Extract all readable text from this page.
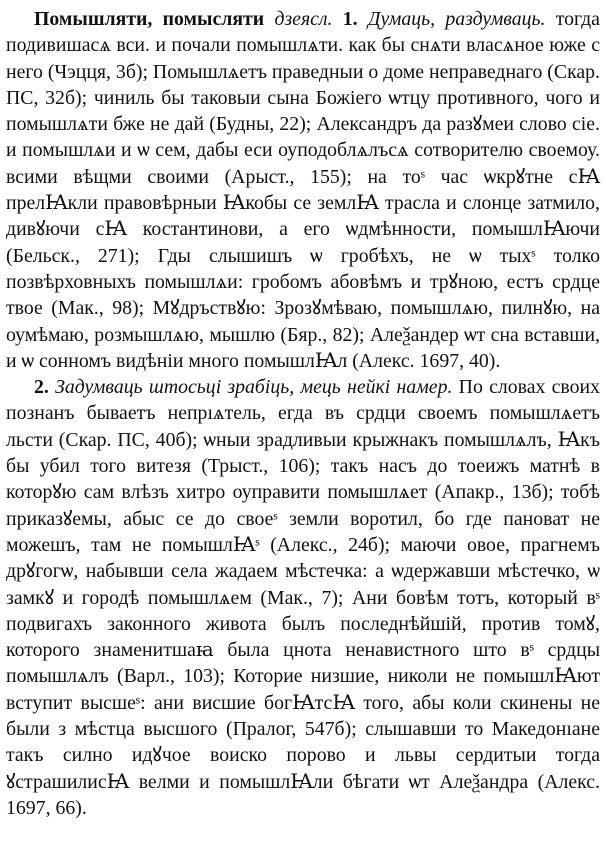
Помышляти, помысляти дзеясл. 1. Думаць, раздумваць. тогда подивишасѧ вси. и почали помышлѧти. как бы снѧти власѧное юже с него (Чэцця, 3б); Помышлѧетъ праведныи о доме неправеднаго (Скар. ПС, 32б); чиниль бы таковыи сына Божіего ѡтцу противного, чого и помышлѧти бже не дай (Будны, 22); Александръ да разꙋмеи слово сіе. и помышлѧи и ѡ сем, дабы еси оуподоблѧлъсѧ сотворителю своемоу. всими вѣщми своими (Арыст., 155); на тоˢ час ѡкрꙋтне сꙖ прелꙖкли правовѣрныи Ꙗкобы се землꙖ трасла и слонце затмило, дивꙋючи сꙖ костантинови, а его ѡдмѣнности, помышлꙖючи (Бельск., 271); Гды слышишъ ѡ гробѣхъ, не ѡ тыхˢ толко позвѣрховныхъ помышлѧи: гробомъ абовѣмъ и трꙋною, естъ срдце твое (Мак., 98); Мꙋдръствꙋю: Зрозꙋмѣваю, помышлѧю, пилнꙋю, на оумѣмаю, розмышлѧю, мышлю (Бяр., 82); Алеѯандер ѡт сна вставши, и ѡ сонномъ видѣніи много помышлꙖл (Алекс. 1697, 40).

2. Задумваць штосьці зрабіць, мець нейкі намер. По словах своих познанъ бываетъ непрıѧтель, егда въ срдци своемъ помышлѧетъ льсти (Скар. ПС, 40б); ѡныи зрадливыи крыжнакъ помышлѧлъ, Ꙗкъ бы убил того витезя (Трыст., 106); такъ насъ до тоеижъ матнѣ в которꙋю сам влѣзъ хитро оуправити помышлѧет (Апакр., 13б); тобѣ приказꙋемы, абыс се до своеˢ земли воротил, бо где пановат не можешъ, там не помышлꙖˢ (Алекс., 24б); маючи овое, прагнемъ дрꙋгогѡ, набывши села жадаем мѣстечка: а ѡдержавши мѣстечко, ѡ замкꙋ и городѣ помышлѧем (Мак., 7); Ани бовѣм тотъ, который вˢ подвигахъ законного живота былъ последнѣйшій, против томꙋ, которого знаменитшаꙗ была цнота ненавистного што вˢ срдцы помышлѧлъ (Варл., 103); Которие низшие, николи не помышлꙖют вступит высшеˢ: ани висшие богꙖтсꙖ того, абы коли скинены не были з мѣстца высшого (Пралог, 547б); слышавши то Македонıане такъ силно идꙋчое воиско порово и львы сердитыи тогда ꙋстрашилисꙖ велми и помышлꙖли бѣгати ѡт Алеѯандра (Алекс. 1697, 66).
